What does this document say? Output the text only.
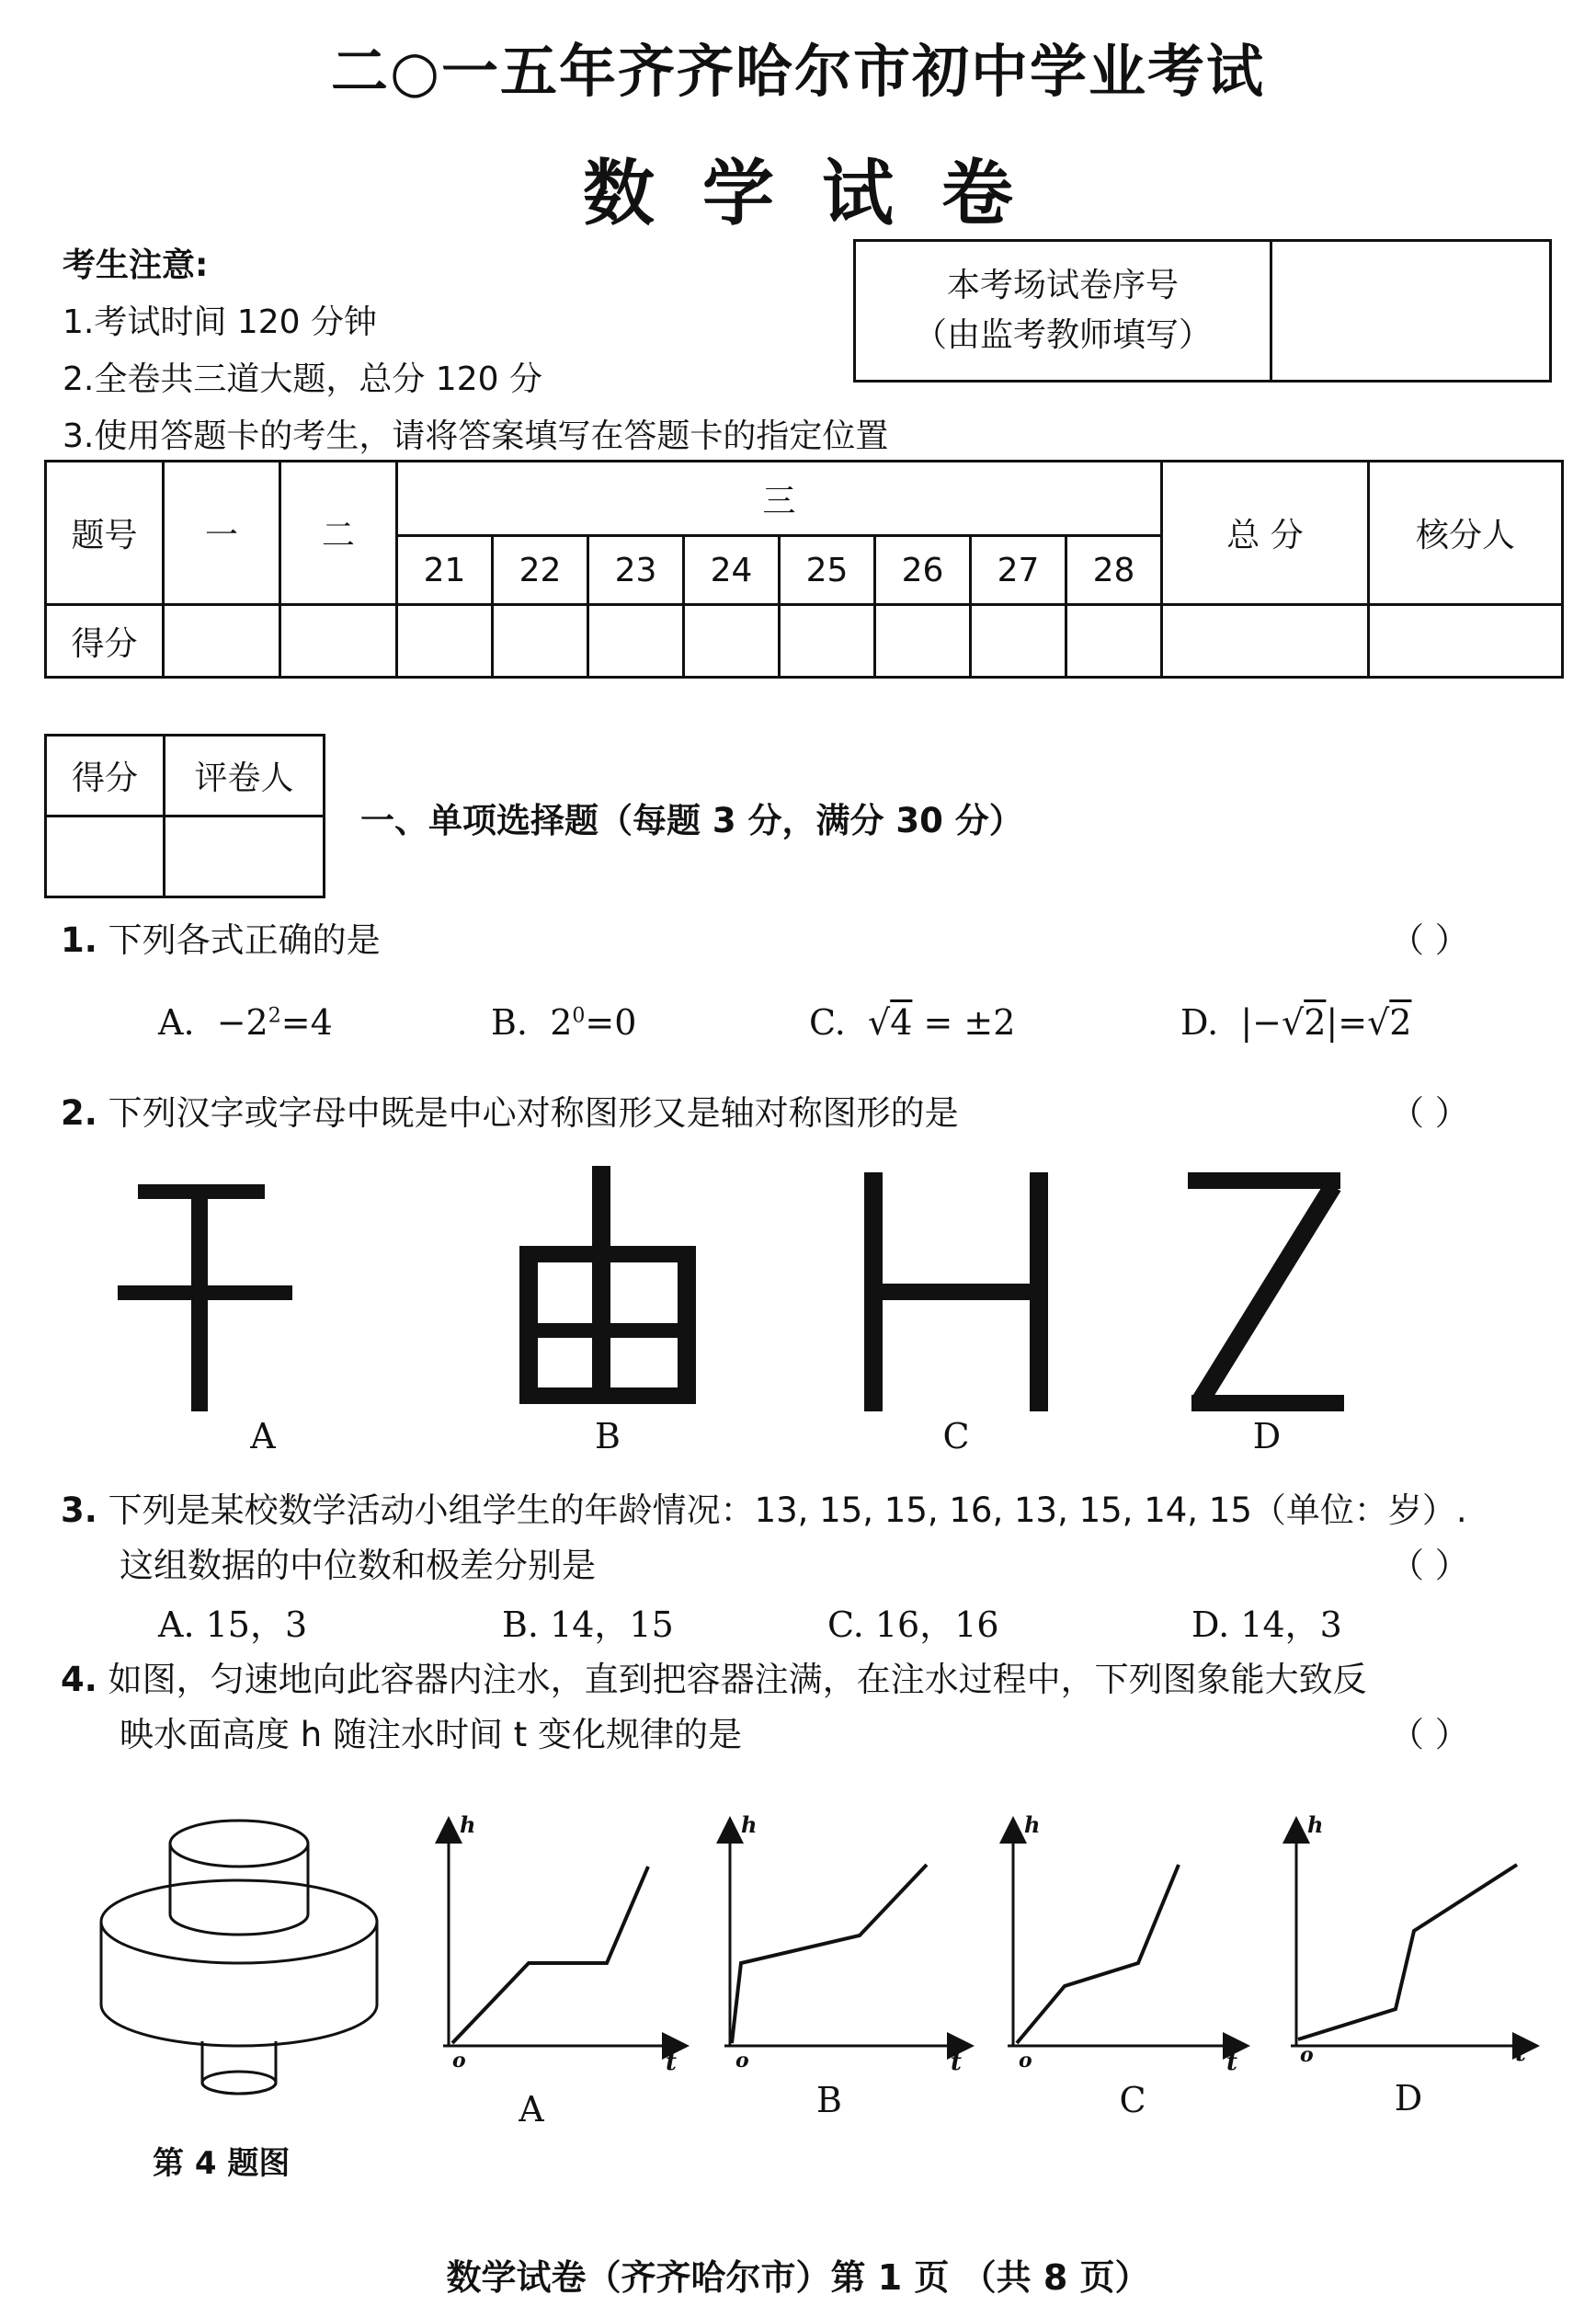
二○一五年齐齐哈尔市初中学业考试
数学试卷
考生注意:
1.考试时间 120 分钟
2.全卷共三道大题，总分 120 分
3.使用答题卡的考生，请将答案填写在答题卡的指定位置
本考场试卷序号
（由监考教师填写）
题号	一	二	三								总 分	核分人
			21	22	23	24	25	26	27	28		
得分												
得分	评卷人

一、单项选择题（每题 3 分，满分 30 分）
1. 下列各式正确的是	（ ）
A.  $-2^2=4$	B.  $2^0=0$	C.  √4 = ±2	D.  |−√2|=√2
2. 下列汉字或字母中既是中心对称图形又是轴对称图形的是	（ ）
A	B	C	D
3. 下列是某校数学活动小组学生的年龄情况：13, 15, 15, 16, 13, 15, 14, 15（单位：岁）.
这组数据的中位数和极差分别是	（ ）
A. 15，3	B. 14，15	C. 16，16	D. 14，3
4. 如图，匀速地向此容器内注水，直到把容器注满，在注水过程中，下列图象能大致反
映水面高度 h 随注水时间 t 变化规律的是	（ ）
第 4 题图
h	h	h	h
t	t	t	t
o	o	o	o
A	B	C	D
数学试卷（齐齐哈尔市）第 1 页 （共 8 页）
